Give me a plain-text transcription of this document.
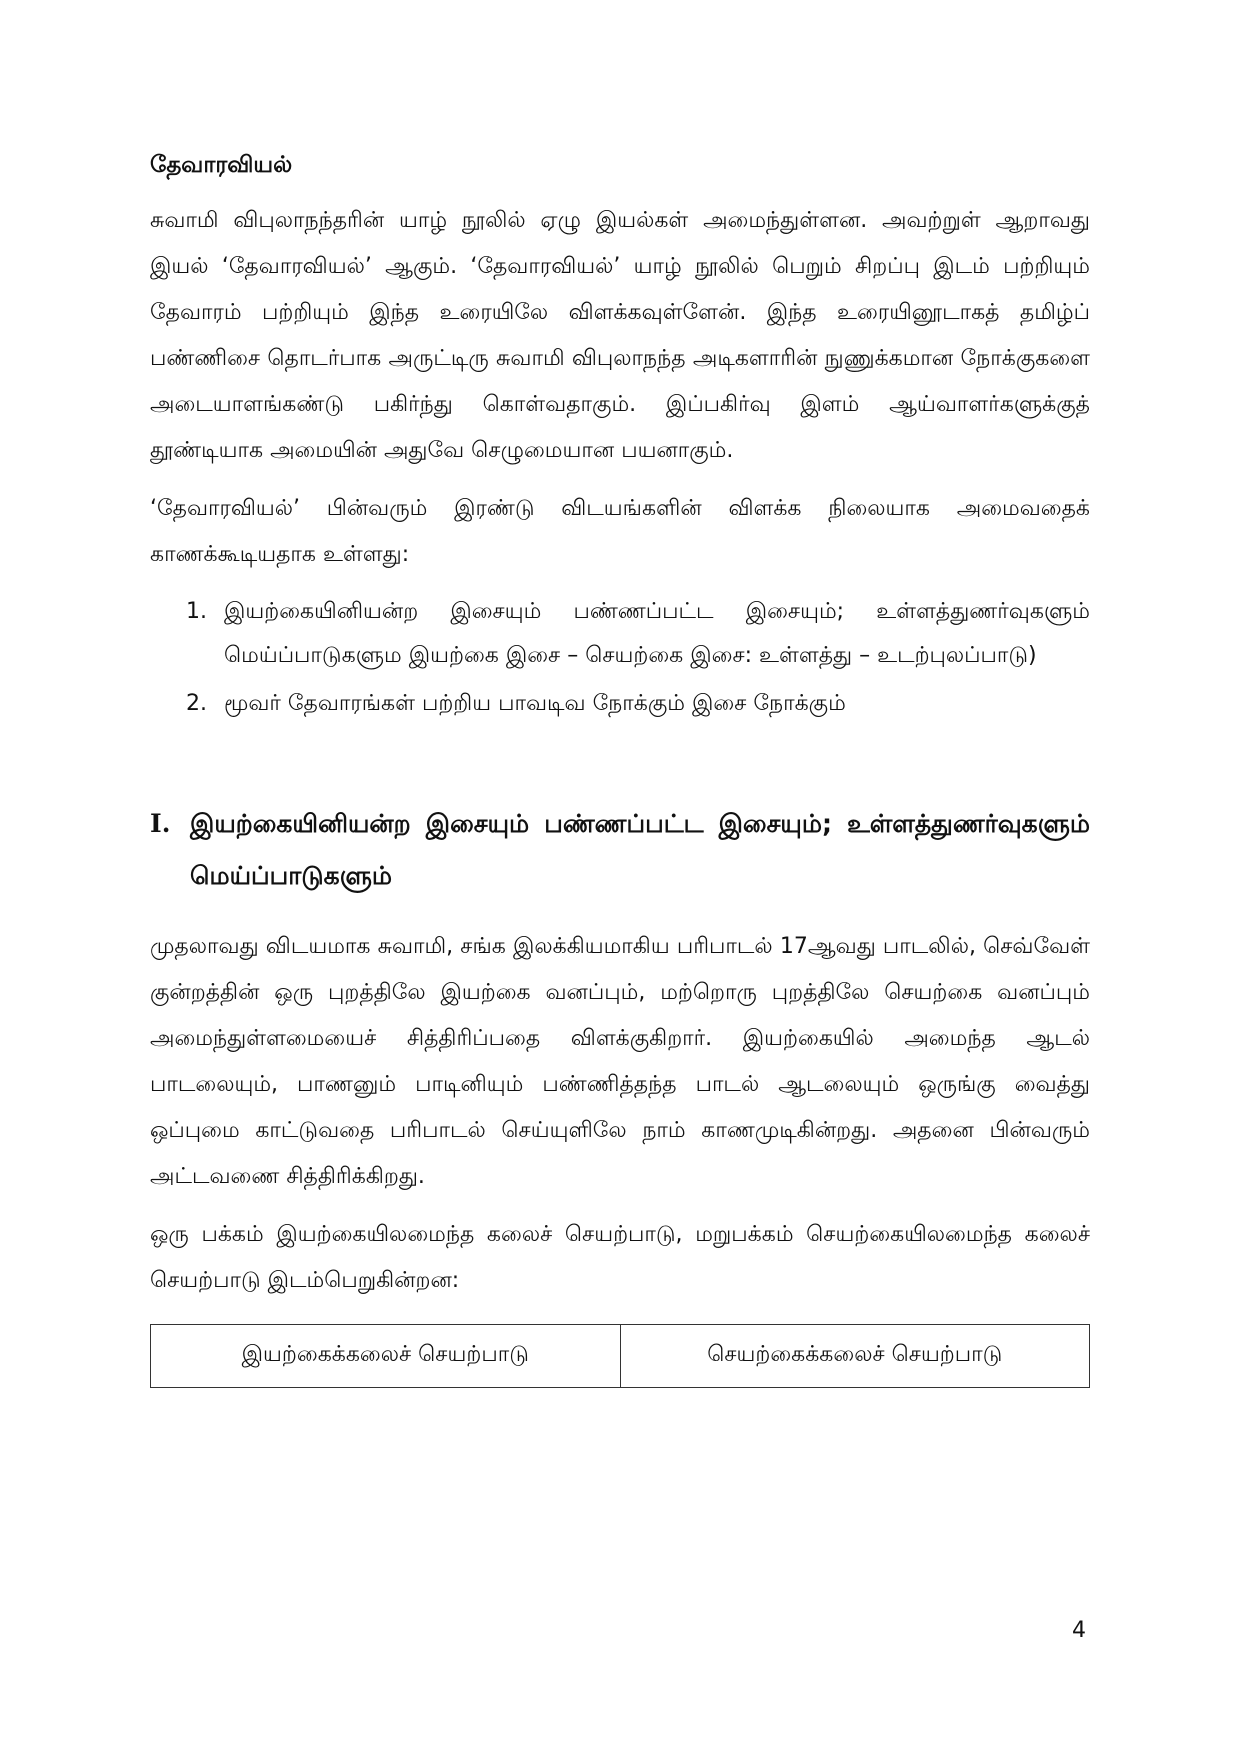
தேவாரவியல்

சுவாமி விபுலாநந்தரின் யாழ் நூலில் ஏழு இயல்கள் அமைந்துள்ளன. அவற்றுள் ஆறாவது இயல் ‘தேவாரவியல்’ ஆகும். ‘தேவாரவியல்’ யாழ் நூலில் பெறும் சிறப்பு இடம் பற்றியும் தேவாரம் பற்றியும் இந்த உரையிலே விளக்கவுள்ளேன். இந்த உரையினூடாகத் தமிழ்ப் பண்ணிசை தொடர்பாக அருட்டிரு சுவாமி விபுலாநந்த அடிகளாரின் நுணுக்கமான நோக்குகளை அடையாளங்கண்டு பகிர்ந்து கொள்வதாகும். இப்பகிர்வு இளம் ஆய்வாளர்களுக்குத் தூண்டியாக அமையின் அதுவே செழுமையான பயனாகும்.

‘தேவாரவியல்’ பின்வரும் இரண்டு விடயங்களின் விளக்க நிலையாக அமைவதைக் காணக்கூடியதாக உள்ளது:

1. இயற்கையினியன்ற இசையும் பண்ணப்பட்ட இசையும்; உள்ளத்துணர்வுகளும் மெய்ப்பாடுகளும இயற்கை இசை – செயற்கை இசை: உள்ளத்து – உடற்புலப்பாடு)
2. மூவர் தேவாரங்கள் பற்றிய பாவடிவ நோக்கும் இசை நோக்கும்
I. இயற்கையினியன்ற இசையும் பண்ணப்பட்ட இசையும்; உள்ளத்துணர்வுகளும் மெய்ப்பாடுகளும்

முதலாவது விடயமாக சுவாமி, சங்க இலக்கியமாகிய பரிபாடல் 17ஆவது பாடலில், செவ்வேள் குன்றத்தின் ஒரு புறத்திலே இயற்கை வனப்பும், மற்றொரு புறத்திலே செயற்கை வனப்பும் அமைந்துள்ளமையைச் சித்திரிப்பதை விளக்குகிறார். இயற்கையில் அமைந்த ஆடல் பாடலையும், பாணனும் பாடினியும் பண்ணித்தந்த பாடல் ஆடலையும் ஒருங்கு வைத்து ஒப்புமை காட்டுவதை பரிபாடல் செய்யுளிலே நாம் காணமுடிகின்றது. அதனை பின்வரும் அட்டவணை சித்திரிக்கிறது.

ஒரு பக்கம் இயற்கையிலமைந்த கலைச் செயற்பாடு, மறுபக்கம் செயற்கையிலமைந்த கலைச் செயற்பாடு இடம்பெறுகின்றன:

இயற்கைக்கலைச் செயற்பாடு	செயற்கைக்கலைச் செயற்பாடு
4
